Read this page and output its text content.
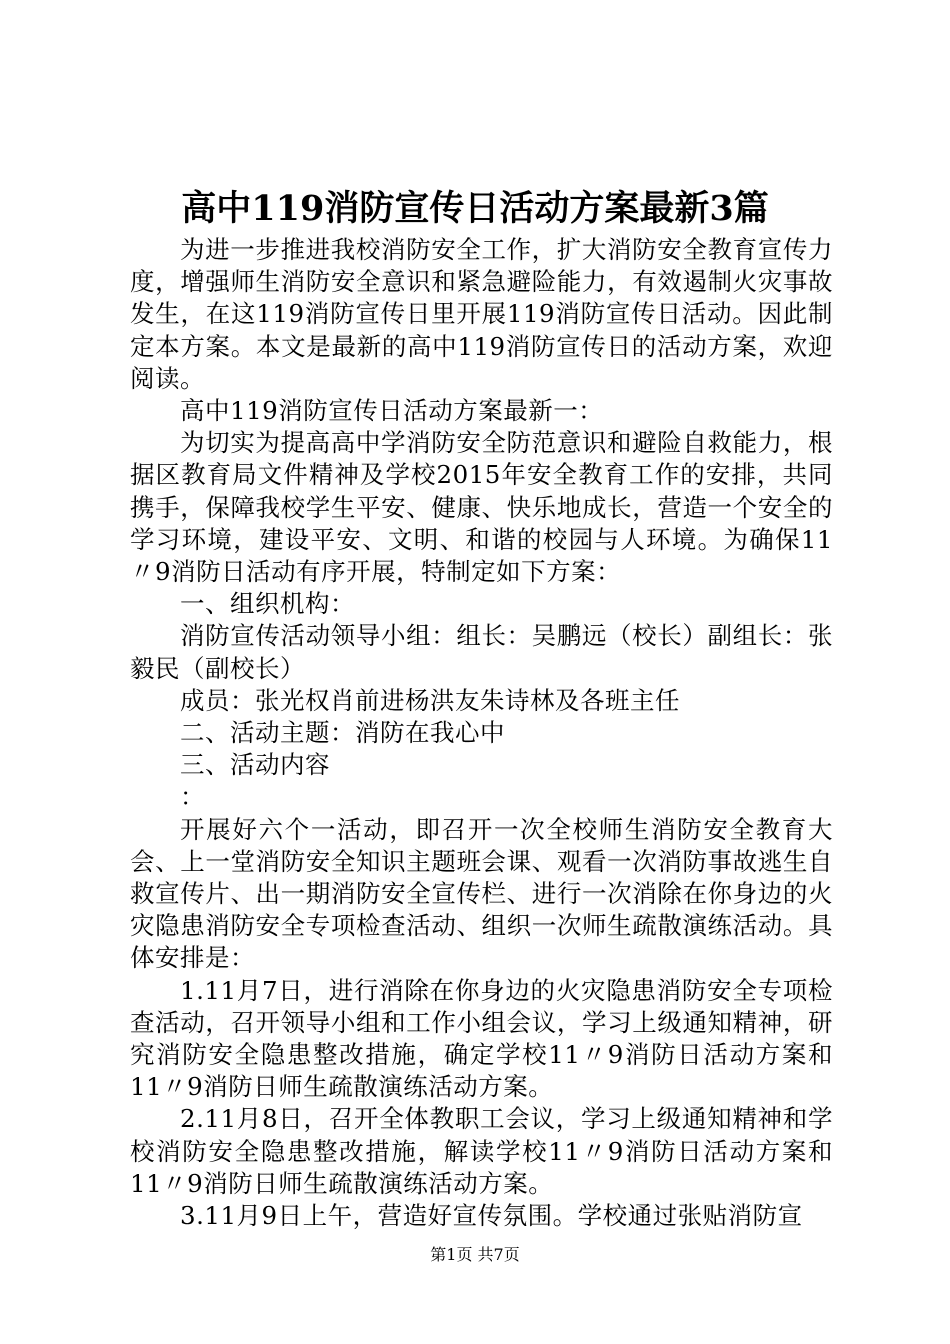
高中119消防宣传日活动方案最新3篇

为进一步推进我校消防安全工作，扩大消防安全教育宣传力度，增强师生消防安全意识和紧急避险能力，有效遏制火灾事故发生，在这119消防宣传日里开展119消防宣传日活动。因此制定本方案。本文是最新的高中119消防宣传日的活动方案，欢迎阅读。

高中119消防宣传日活动方案最新一：

为切实为提高高中学消防安全防范意识和避险自救能力，根据区教育局文件精神及学校2015年安全教育工作的安排，共同携手，保障我校学生平安、健康、快乐地成长，营造一个安全的学习环境，建设平安、文明、和谐的校园与人环境。为确保11〃9消防日活动有序开展，特制定如下方案：

一、组织机构：

消防宣传活动领导小组：组长：吴鹏远（校长）副组长：张毅民（副校长）

成员：张光权肖前进杨洪友朱诗林及各班主任

二、活动主题：消防在我心中

三、活动内容

：

开展好六个一活动，即召开一次全校师生消防安全教育大会、上一堂消防安全知识主题班会课、观看一次消防事故逃生自救宣传片、出一期消防安全宣传栏、进行一次消除在你身边的火灾隐患消防安全专项检查活动、组织一次师生疏散演练活动。具体安排是：

1.11月7日，进行消除在你身边的火灾隐患消防安全专项检查活动，召开领导小组和工作小组会议，学习上级通知精神，研究消防安全隐患整改措施，确定学校11〃9消防日活动方案和11〃9消防日师生疏散演练活动方案。

2.11月8日，召开全体教职工会议，学习上级通知精神和学校消防安全隐患整改措施，解读学校11〃9消防日活动方案和11〃9消防日师生疏散演练活动方案。

3.11月9日上午，营造好宣传氛围。学校通过张贴消防宣

第1页 共7页
